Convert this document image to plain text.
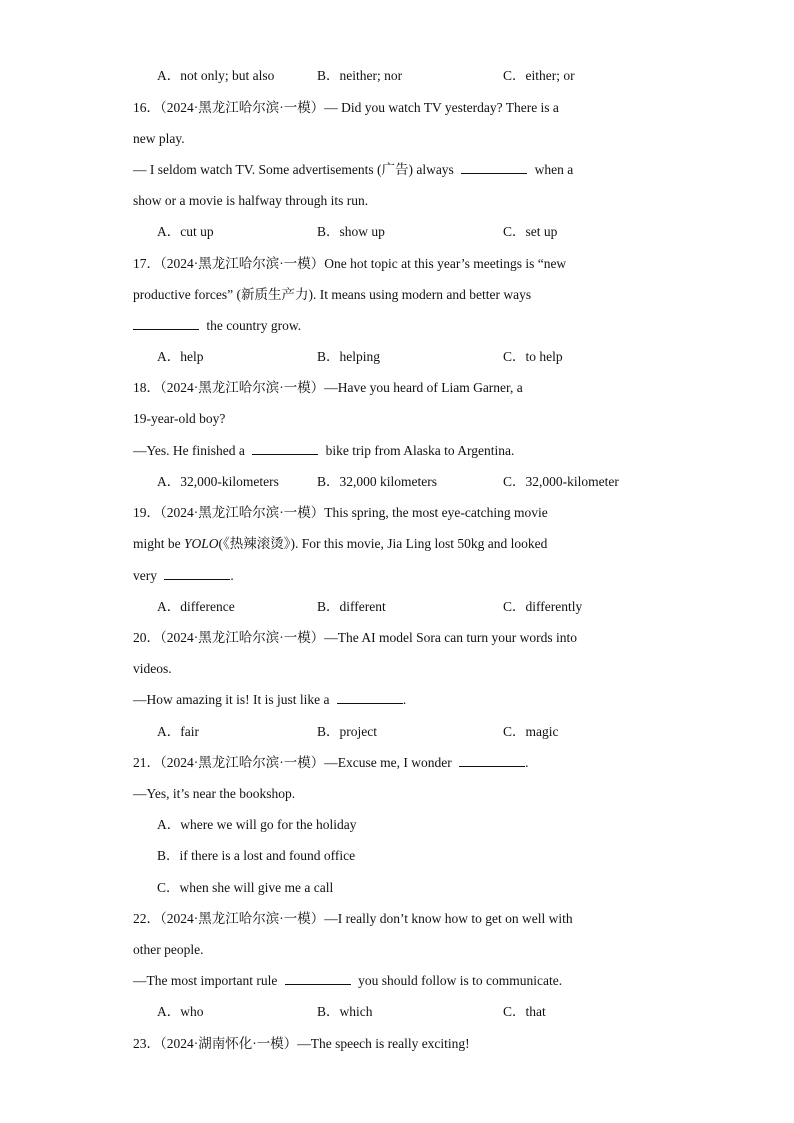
A．not only; but also	B．neither; nor	C．either; or
16．（2024·黑龙江哈尔滨·一模）— Did you watch TV yesterday? There is a
new play.
— I seldom watch TV. Some advertisements (广告) always	when a
show or a movie is halfway through its run.
A．cut up	B．show up	C．set up
17．（2024·黑龙江哈尔滨·一模）One hot topic at this year’s meetings is “new
productive forces” (新质生产力). It means using modern and better ways
the country grow.
A．help	B．helping	C．to help
18．（2024·黑龙江哈尔滨·一模）—Have you heard of Liam Garner, a
19-year-old boy?
—Yes. He finished a	bike trip from Alaska to Argentina.
A．32,000-kilometers	B．32,000 kilometers	C．32,000-kilometer
19．（2024·黑龙江哈尔滨·一模）This spring, the most eye-catching movie
might be YOLO(《热辣滚烫》). For this movie, Jia Ling lost 50kg and looked
very	.
A．difference	B．different	C．differently
20．（2024·黑龙江哈尔滨·一模）—The AI model Sora can turn your words into
videos.
—How amazing it is! It is just like a	.
A．fair	B．project	C．magic
21．（2024·黑龙江哈尔滨·一模）—Excuse me, I wonder	.
—Yes, it’s near the bookshop.
A．where we will go for the holiday
B．if there is a lost and found office
C．when she will give me a call
22．（2024·黑龙江哈尔滨·一模）—I really don’t know how to get on well with
other people.
—The most important rule	you should follow is to communicate.
A．who	B．which	C．that
23．（2024·湖南怀化·一模）—The speech is really exciting!
